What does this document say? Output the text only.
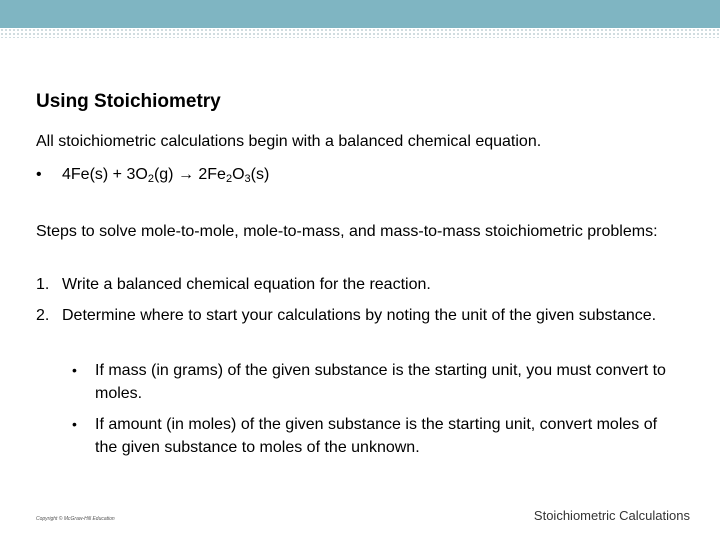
Using Stoichiometry

All stoichiometric calculations begin with a balanced chemical equation.

• $4Fe(s) + 3O_2(g) \to 2Fe_2O_3(s)$

Steps to solve mole-to-mole, mole-to-mass, and mass-to-mass stoichiometric problems:

1. Write a balanced chemical equation for the reaction.
2. Determine where to start your calculations by noting the unit of the given substance.
• If mass (in grams) of the given substance is the starting unit, you must convert to moles.
• If amount (in moles) of the given substance is the starting unit, convert moles of the given substance to moles of the unknown.
Copyright © McGraw-Hill Education	Stoichiometric Calculations
